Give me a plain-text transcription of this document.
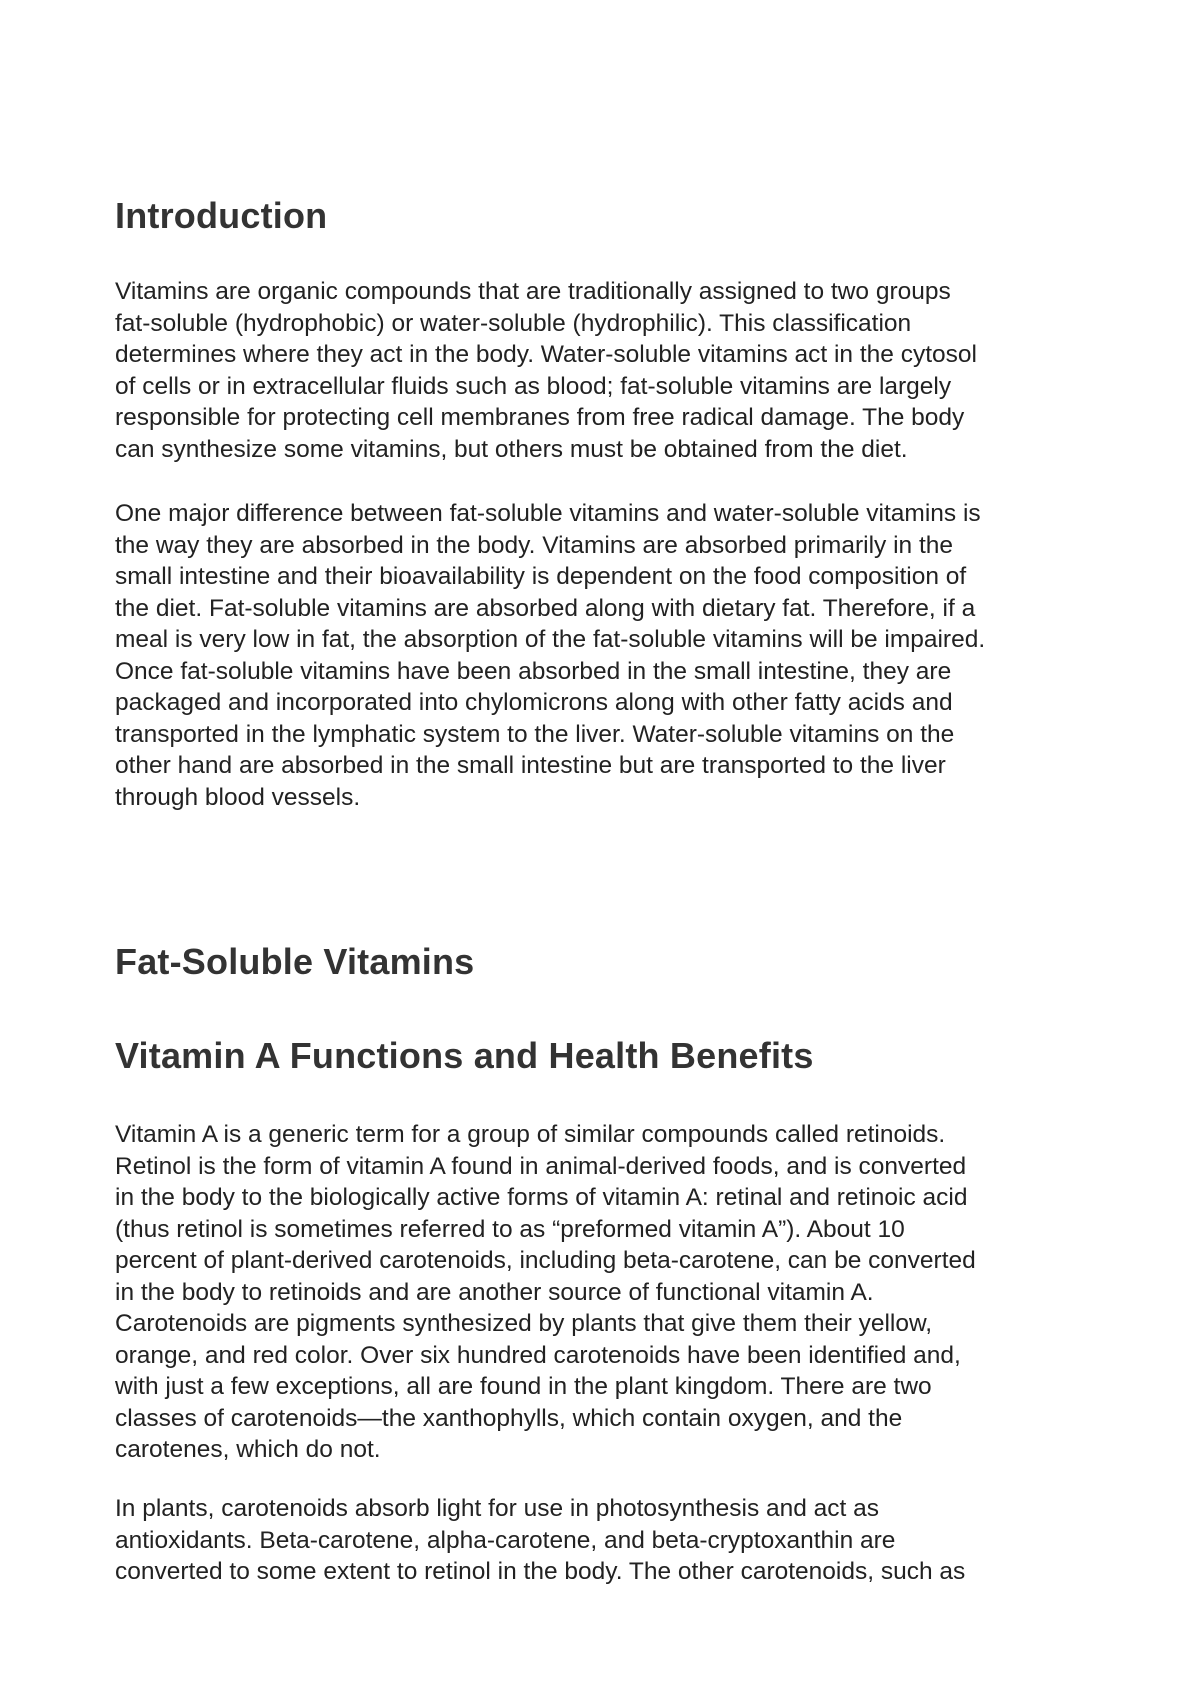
Introduction

Vitamins are organic compounds that are traditionally assigned to two groups
fat-soluble (hydrophobic) or water-soluble (hydrophilic). This classification
determines where they act in the body. Water-soluble vitamins act in the cytosol
of cells or in extracellular fluids such as blood; fat-soluble vitamins are largely
responsible for protecting cell membranes from free radical damage. The body
can synthesize some vitamins, but others must be obtained from the diet.

One major difference between fat-soluble vitamins and water-soluble vitamins is
the way they are absorbed in the body. Vitamins are absorbed primarily in the
small intestine and their bioavailability is dependent on the food composition of
the diet. Fat-soluble vitamins are absorbed along with dietary fat. Therefore, if a
meal is very low in fat, the absorption of the fat-soluble vitamins will be impaired.
Once fat-soluble vitamins have been absorbed in the small intestine, they are
packaged and incorporated into chylomicrons along with other fatty acids and
transported in the lymphatic system to the liver. Water-soluble vitamins on the
other hand are absorbed in the small intestine but are transported to the liver
through blood vessels.

Fat-Soluble Vitamins
Vitamin A Functions and Health Benefits

Vitamin A is a generic term for a group of similar compounds called retinoids.
Retinol is the form of vitamin A found in animal-derived foods, and is converted
in the body to the biologically active forms of vitamin A: retinal and retinoic acid
(thus retinol is sometimes referred to as “preformed vitamin A”). About 10
percent of plant-derived carotenoids, including beta-carotene, can be converted
in the body to retinoids and are another source of functional vitamin A.
Carotenoids are pigments synthesized by plants that give them their yellow,
orange, and red color. Over six hundred carotenoids have been identified and,
with just a few exceptions, all are found in the plant kingdom. There are two
classes of carotenoids—the xanthophylls, which contain oxygen, and the
carotenes, which do not.

In plants, carotenoids absorb light for use in photosynthesis and act as
antioxidants. Beta-carotene, alpha-carotene, and beta-cryptoxanthin are
converted to some extent to retinol in the body. The other carotenoids, such as
